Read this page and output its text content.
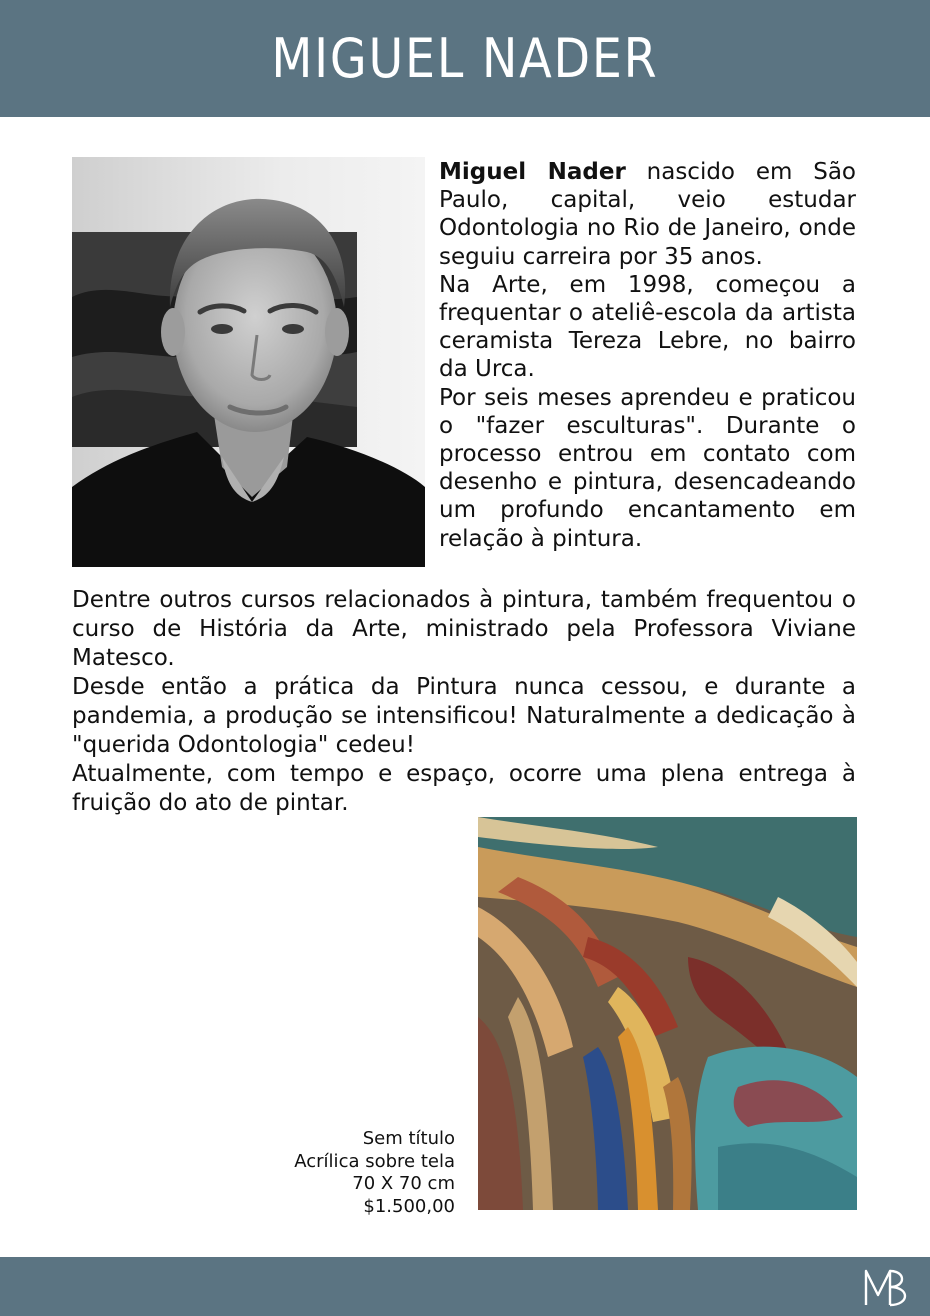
MIGUEL NADER

Miguel Nader nascido em São Paulo, capital, veio estudar Odontologia no Rio de Janeiro, onde seguiu carreira por 35 anos.

Na Arte, em 1998, começou a frequentar o ateliê-escola da artista ceramista Tereza Lebre, no bairro da Urca.

Por seis meses aprendeu e praticou o "fazer esculturas". Durante o processo entrou em contato com desenho e pintura, desencadeando um profundo encantamento em relação à pintura.

Dentre outros cursos relacionados à pintura, também frequentou o curso de História da Arte, ministrado pela Professora Viviane Matesco.

Desde então a prática da Pintura nunca cessou, e durante a pandemia, a produção se intensificou! Naturalmente a dedicação à "querida Odontologia" cedeu!

Atualmente, com tempo e espaço, ocorre uma plena entrega à fruição do ato de pintar.

Sem título
Acrílica sobre tela
70 X 70 cm
$1.500,00
